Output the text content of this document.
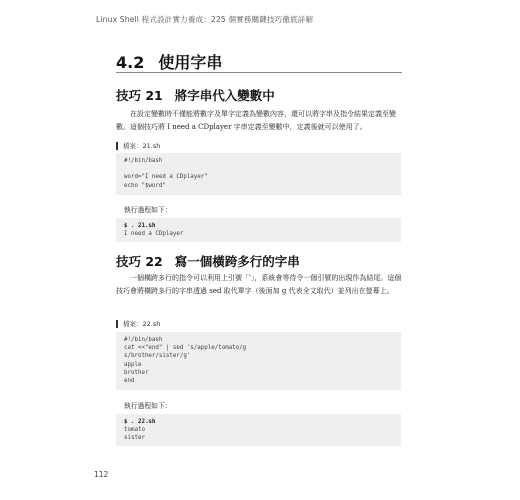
Linux Shell 程式設計實力養成：225 個實務關鍵技巧徹底詳解
4.2 使用字串
技巧 21 將字串代入變數中
在設定變數時不僅能將數字及單字定義為變數內容，還可以將字串及指令結果定義至變數。這個技巧將 I need a CDplayer 字串定義至變數中，定義後就可以使用了。
檔案：21.sh
#!/bin/bash
word="I need a CDplayer"
echo "$word"
執行過程如下：
$ . 21.sh
I need a CDplayer
技巧 22 寫一個橫跨多行的字串
一個橫跨多行的指令可以利用上引號「'」，系統會等待令一個引號的出現作為結尾。這個技巧會將橫跨多行的字串透過 sed 取代單字（後面加 g 代表全文取代）並列出在螢幕上。
檔案：22.sh
#!/bin/bash
cat <<"end" | sed 's/apple/tomato/g
s/brother/sister/g'
apple
brother
end
執行過程如下：
$ . 22.sh
tomato
sister
112
